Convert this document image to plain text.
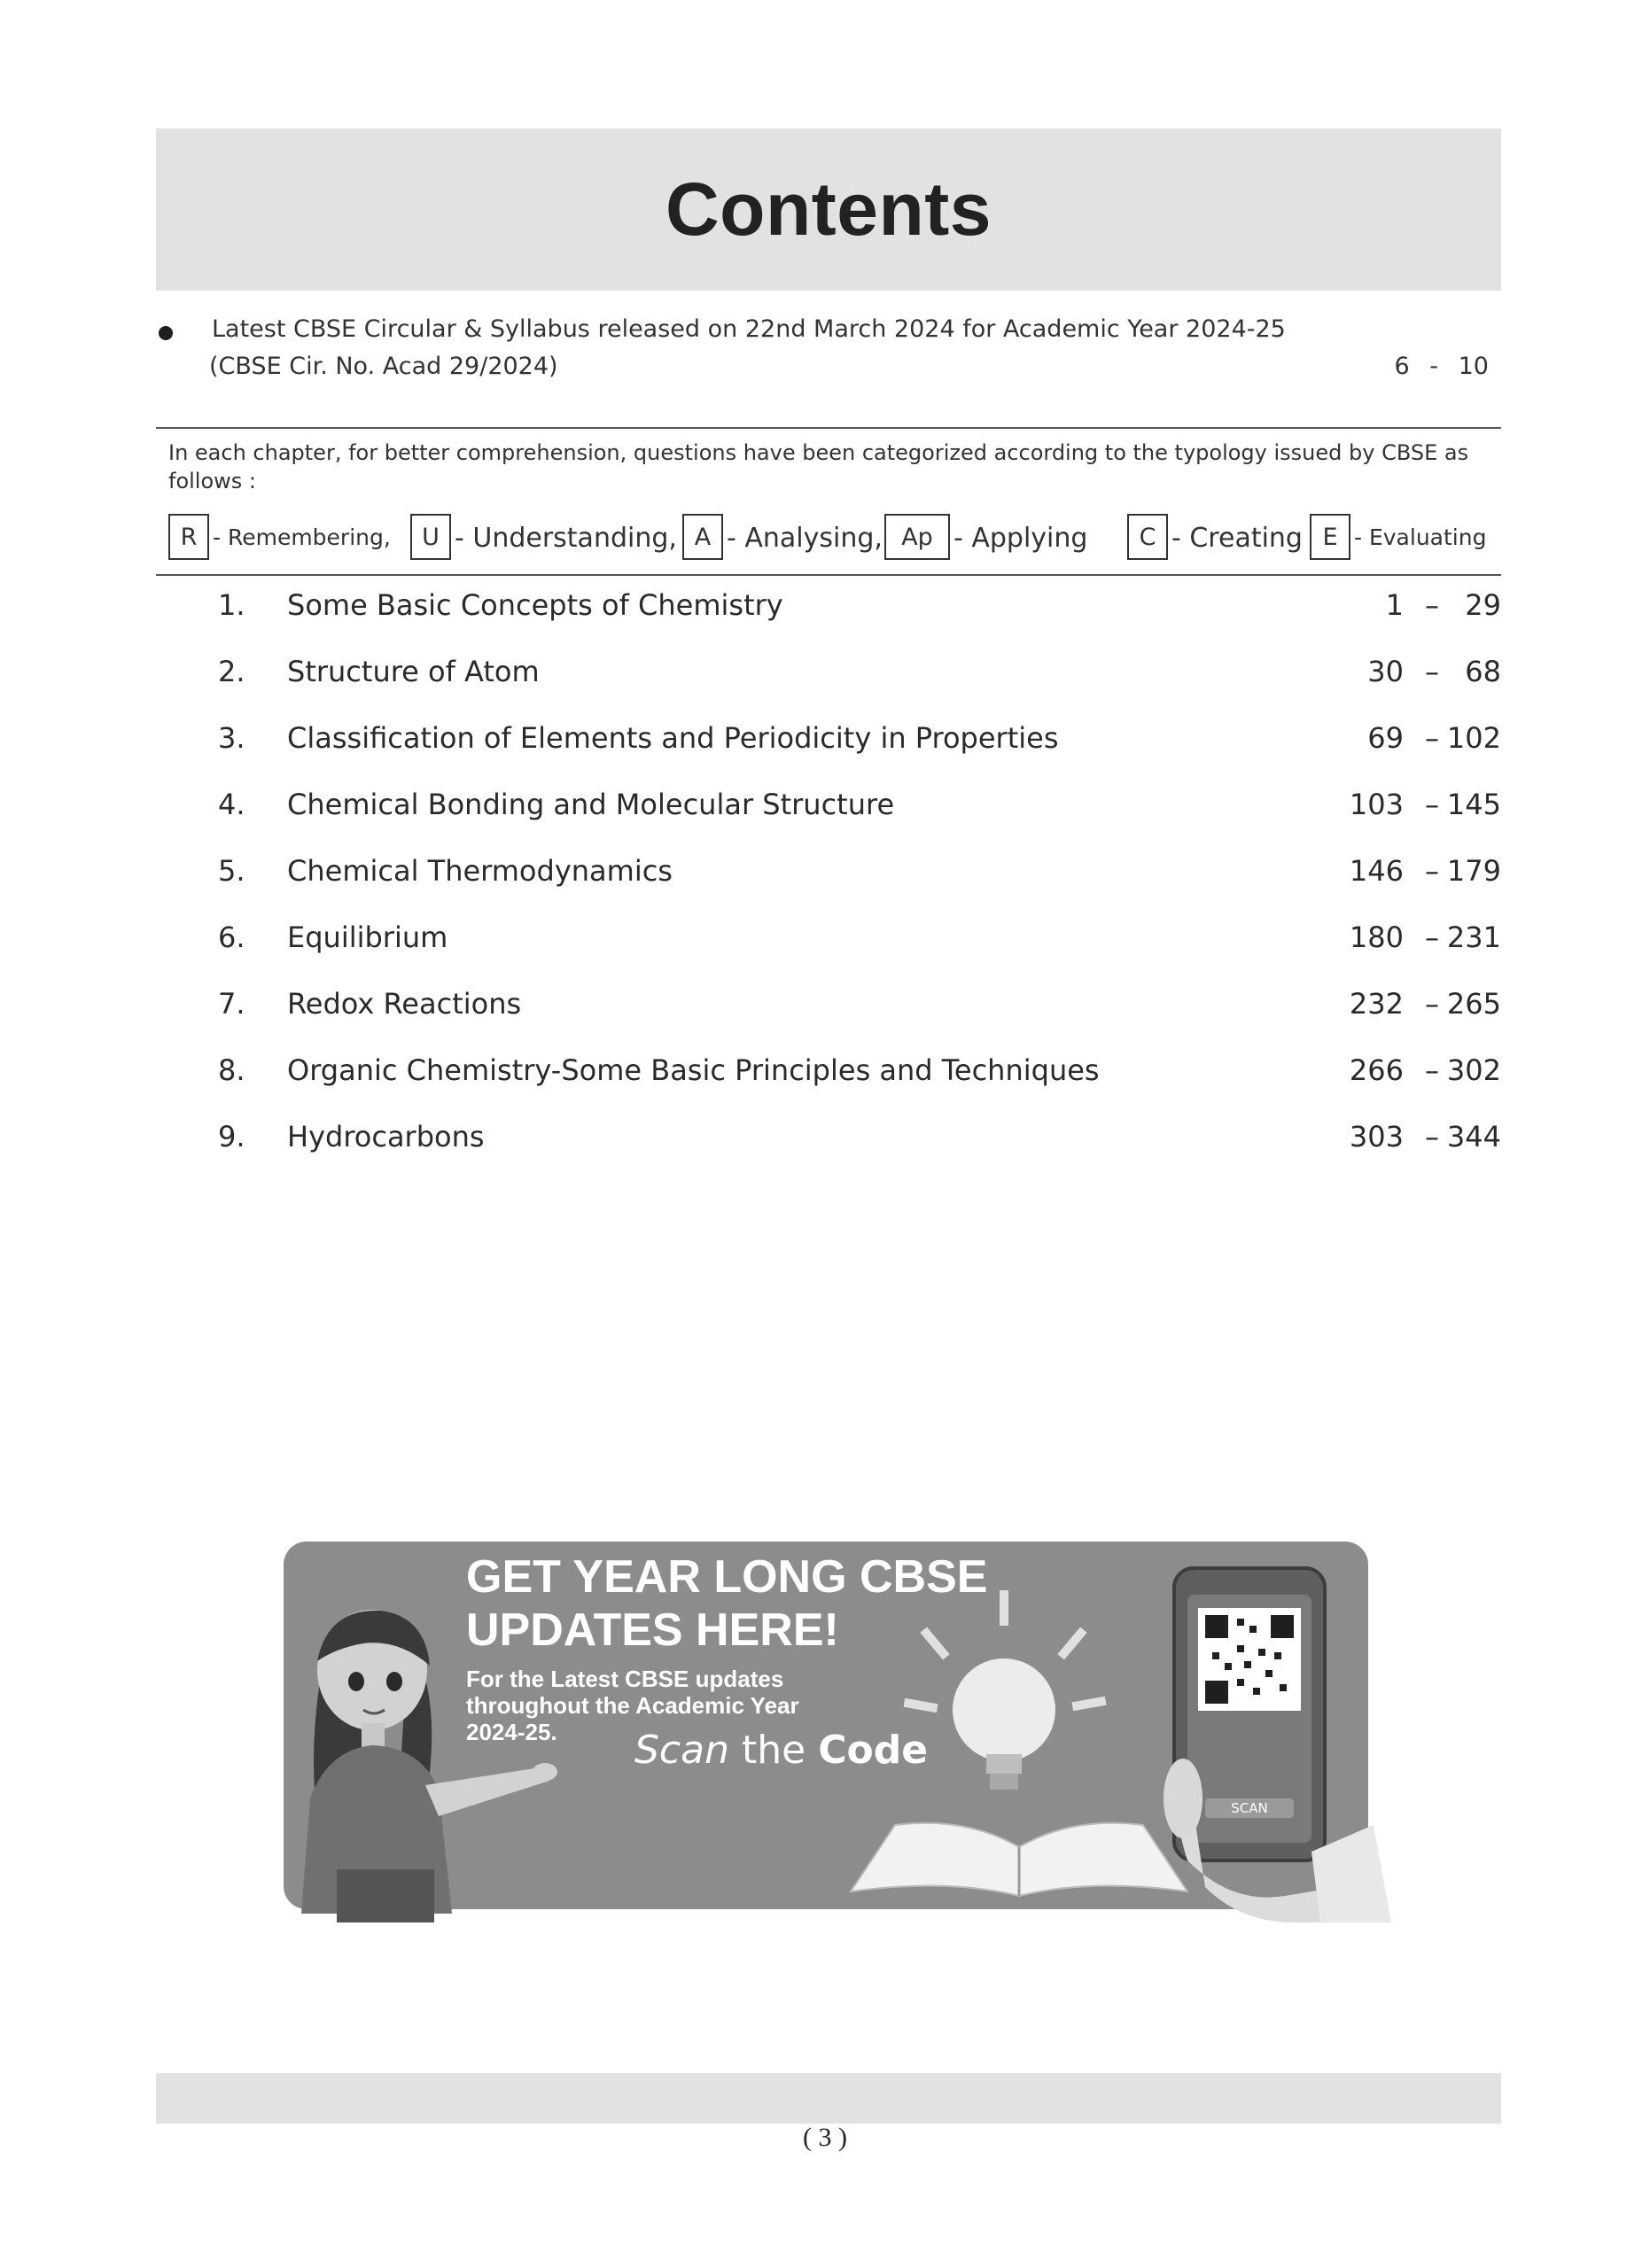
Contents
Latest CBSE Circular & Syllabus released on 22nd March 2024 for Academic Year 2024-25
(CBSE Cir. No. Acad 29/2024)	6 - 10
In each chapter, for better comprehension, questions have been categorized according to the typology issued by CBSE as follows :
R - Remembering,	U - Understanding, A - Analysing, Ap - Applying	C - Creating E - Evaluating
1. Some Basic Concepts of Chemistry	1 – 29
2. Structure of Atom	30 – 68
3. Classification of Elements and Periodicity in Properties	69 – 102
4. Chemical Bonding and Molecular Structure	103 – 145
5. Chemical Thermodynamics	146 – 179
6. Equilibrium	180 – 231
7. Redox Reactions	232 – 265
8. Organic Chemistry-Some Basic Principles and Techniques	266 – 302
9. Hydrocarbons	303 – 344
GET YEAR LONG CBSE
UPDATES HERE!
For the Latest CBSE updates
throughout the Academic Year
2024-25.	Scan the Code
SCAN
( 3 )
